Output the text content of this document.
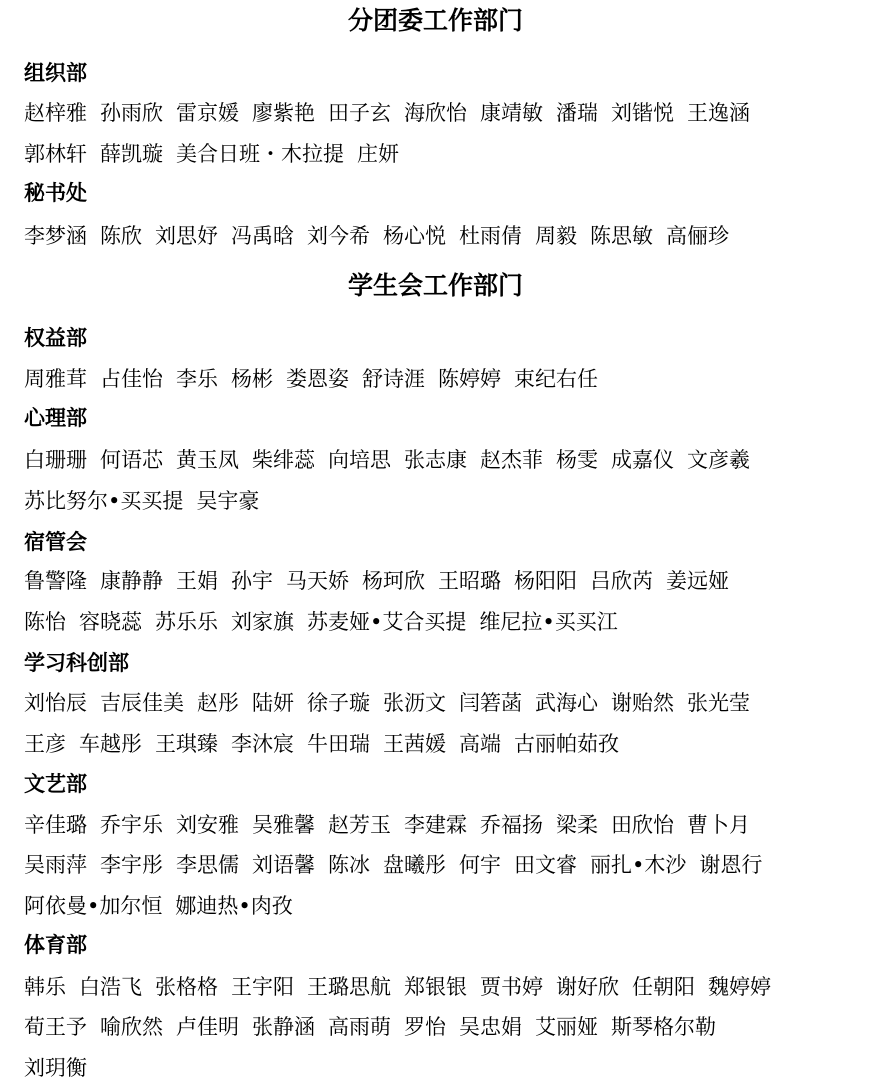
分团委工作部门
组织部
赵梓雅 孙雨欣 雷京媛 廖紫艳 田子玄 海欣怡 康靖敏 潘瑞 刘锴悦 王逸涵
郭林轩 薛凯璇 美合日班・木拉提 庄妍
秘书处
李梦涵 陈欣 刘思妤 冯禹晗 刘今希 杨心悦 杜雨倩 周毅 陈思敏 高俪珍
学生会工作部门
权益部
周雅茸 占佳怡 李乐 杨彬 娄恩姿 舒诗涯 陈婷婷 束纪右任
心理部
白珊珊 何语芯 黄玉凤 柴绯蕊 向培思 张志康 赵杰菲 杨雯 成嘉仪 文彦羲
苏比努尔•买买提 吴宇豪
宿管会
鲁警隆 康静静 王娟 孙宇 马天娇 杨珂欣 王昭璐 杨阳阳 吕欣芮 姜远娅
陈怡 容晓蕊 苏乐乐 刘家旗 苏麦娅•艾合买提 维尼拉•买买江
学习科创部
刘怡辰 吉辰佳美 赵彤 陆妍 徐子璇 张沥文 闫箬菡 武海心 谢贻然 张光莹
王彦 车越彤 王琪臻 李沐宸 牛田瑞 王茜媛 高端 古丽帕茹孜
文艺部
辛佳璐 乔宇乐 刘安雅 吴雅馨 赵芳玉 李建霖 乔福扬 梁柔 田欣怡 曹卜月
吴雨萍 李宇彤 李思儒 刘语馨 陈冰 盘曦彤 何宇 田文睿 丽扎•木沙 谢恩行
阿依曼•加尔恒 娜迪热•肉孜
体育部
韩乐 白浩飞 张格格 王宇阳 王璐思航 郑银银 贾书婷 谢好欣 任朝阳 魏婷婷
荀王予 喻欣然 卢佳明 张静涵 高雨萌 罗怡 吴忠娟 艾丽娅 斯琴格尔勒
刘玥衡
